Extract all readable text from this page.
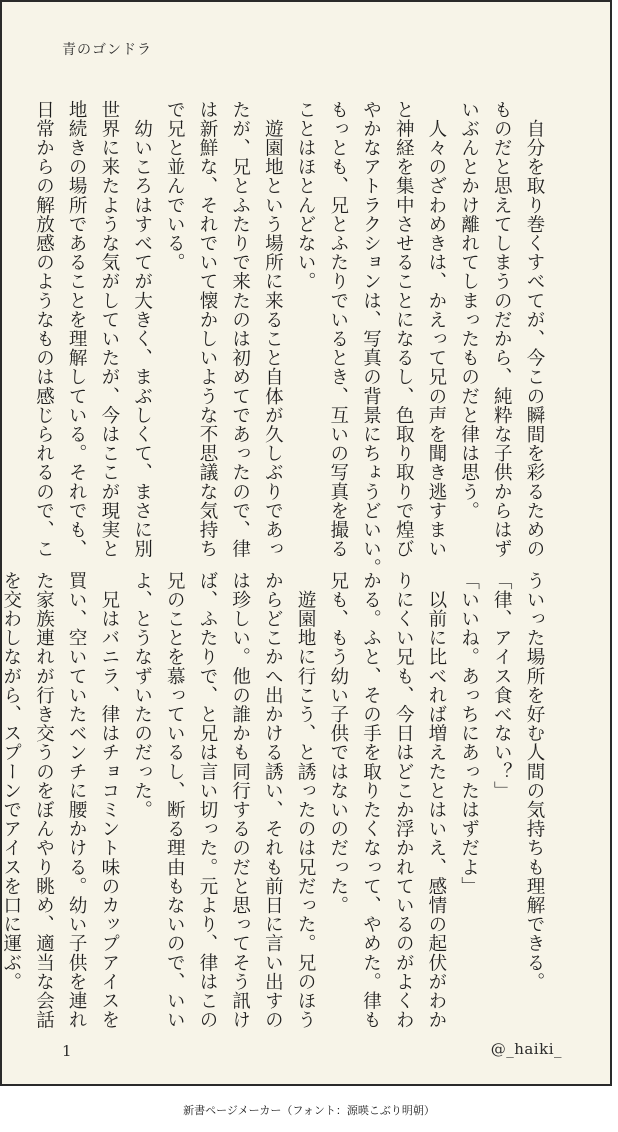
青のゴンドラ

　自分を取り巻くすべてが、今この瞬間を彩るための

ものだと思えてしまうのだから、純粋な子供からはず

いぶんとかけ離れてしまったものだと律は思う。

　人々のざわめきは、かえって兄の声を聞き逃すまい

と神経を集中させることになるし、色取り取りで煌び

やかなアトラクションは、写真の背景にちょうどいい。

もっとも、兄とふたりでいるとき、互いの写真を撮る

ことはほとんどない。

　遊園地という場所に来ること自体が久しぶりであっ

たが、兄とふたりで来たのは初めてであったので、律

は新鮮な、それでいて懐かしいような不思議な気持ち

で兄と並んでいる。

　幼いころはすべてが大きく、まぶしくて、まさに別

世界に来たような気がしていたが、今はここが現実と

地続きの場所であることを理解している。それでも、

日常からの解放感のようなものは感じられるので、こ

ういった場所を好む人間の気持ちも理解できる。

「律、アイス食べない？」

「いいね。あっちにあったはずだよ」

　以前に比べれば増えたとはいえ、感情の起伏がわか

りにくい兄も、今日はどこか浮かれているのがよくわ

かる。ふと、その手を取りたくなって、やめた。律も

兄も、もう幼い子供ではないのだった。

　遊園地に行こう、と誘ったのは兄だった。兄のほう

からどこかへ出かける誘い、それも前日に言い出すの

は珍しい。他の誰かも同行するのだと思ってそう訊け

ば、ふたりで、と兄は言い切った。元より、律はこの

兄のことを慕っているし、断る理由もないので、いい

よ、とうなずいたのだった。

　兄はバニラ、律はチョコミント味のカップアイスを

買い、空いていたベンチに腰かける。幼い子供を連れ

た家族連れが行き交うのをぼんやり眺め、適当な会話

を交わしながら、スプーンでアイスを口に運ぶ。

1	@_haiki_
新書ページメーカー（フォント：源暎こぶり明朝）
